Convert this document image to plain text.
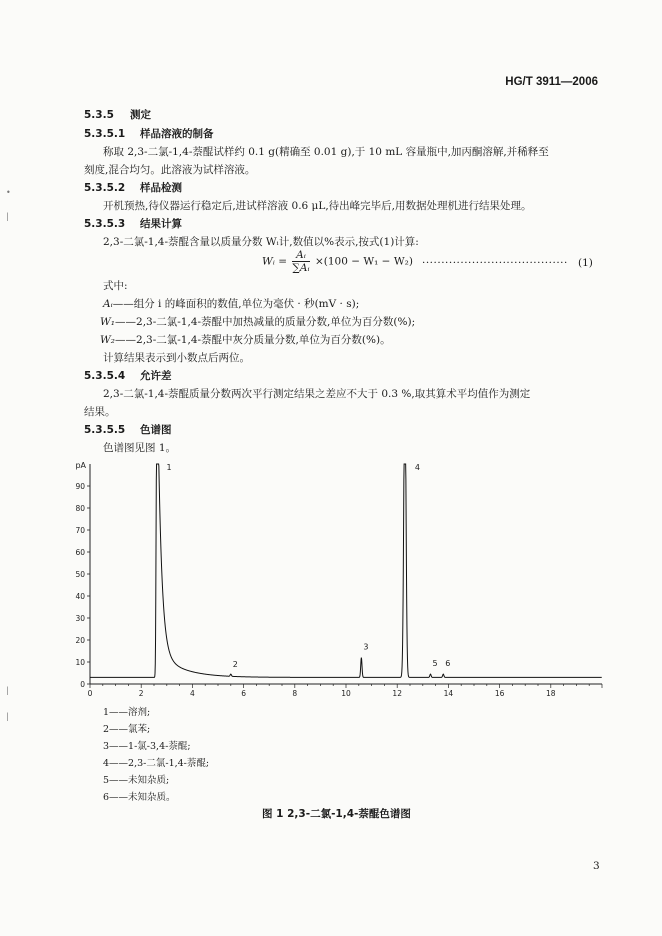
HG/T 3911—2006
5.3.5 测定
5.3.5.1 样品溶液的制备
称取 2,3-二氯-1,4-萘醌试样约 0.1 g(精确至 0.01 g),于 10 mL 容量瓶中,加丙酮溶解,并稀释至
刻度,混合均匀。此溶液为试样溶液。
5.3.5.2 样品检测
开机预热,待仪器运行稳定后,进试样溶液 0.6 μL,待出峰完毕后,用数据处理机进行结果处理。
5.3.5.3 结果计算
2,3-二氯-1,4-萘醌含量以质量分数 Wᵢ计,数值以%表示,按式(1)计算:
Wᵢ = $\frac{\text{Aᵢ}}{\text{∑Aᵢ}} \times(100 - W_1 - W_2)$ ······································ (1)
式中:
Aᵢ——组分 i 的峰面积的数值,单位为毫伏 · 秒(mV · s);
W₁——2,3-二氯-1,4-萘醌中加热减量的质量分数,单位为百分数(%);
W₂——2,3-二氯-1,4-萘醌中灰分质量分数,单位为百分数(%)。
计算结果表示到小数点后两位。
5.3.5.4 允许差
2,3-二氯-1,4-萘醌质量分数两次平行测定结果之差应不大于 0.3 %,取其算术平均值作为测定
结果。
5.3.5.5 色谱图
色谱图见图 1。
pA
0
10
20
30
40
50
60
70
80
90
0	2	4	6	8	10	12	14	16	18
1
2
3
4
5 6
1——溶剂;
2——氯苯;
3——1-氯-3,4-萘醌;
4——2,3-二氯-1,4-萘醌;
5——未知杂质;
6——未知杂质。
图 1 2,3-二氯-1,4-萘醌色谱图
3
•
|
|
|
